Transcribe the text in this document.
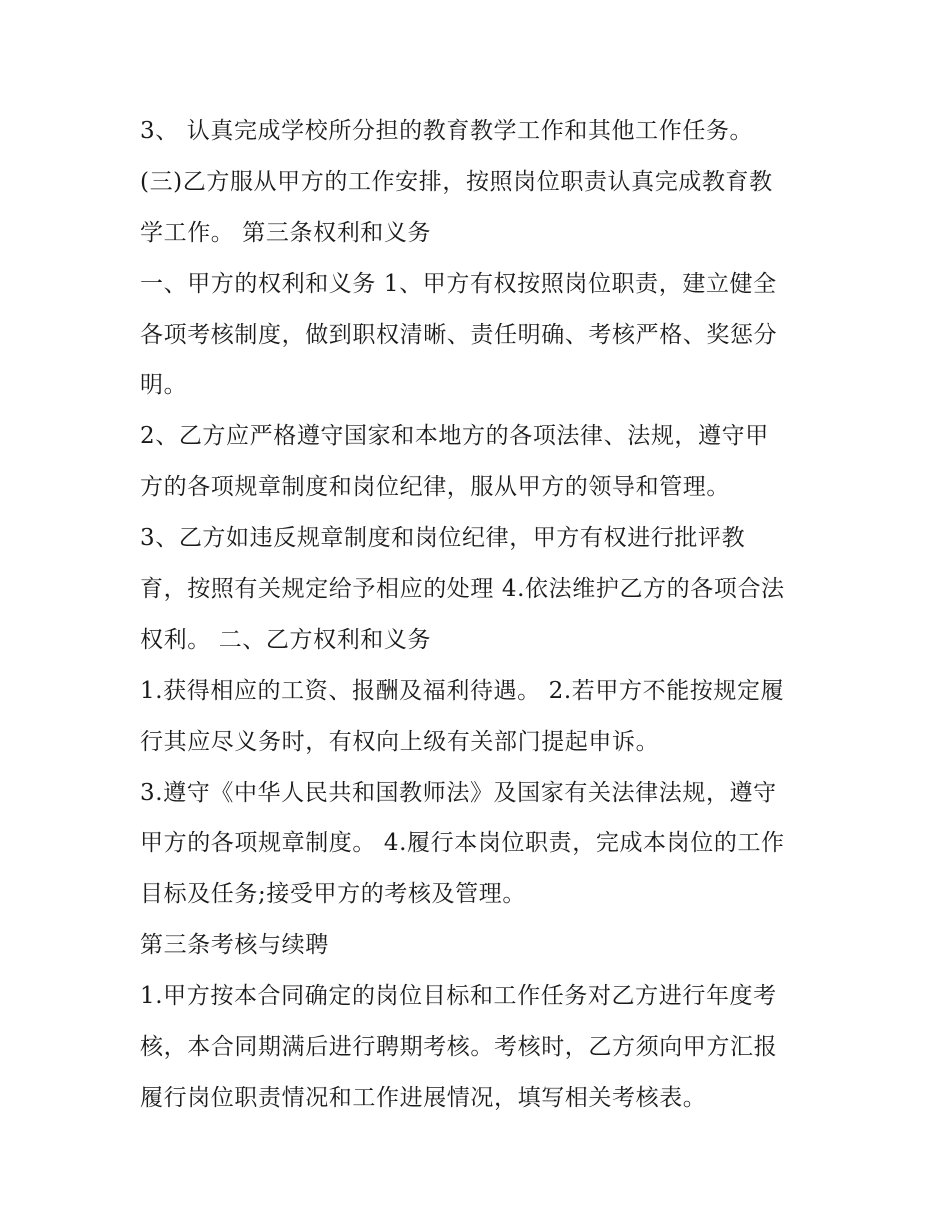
3、 认真完成学校所分担的教育教学工作和其他工作任务。
(三)乙方服从甲方的工作安排，按照岗位职责认真完成教育教
学工作。 第三条权利和义务
一、甲方的权利和义务 1、甲方有权按照岗位职责，建立健全
各项考核制度，做到职权清晰、责任明确、考核严格、奖惩分
明。
2、乙方应严格遵守国家和本地方的各项法律、法规，遵守甲
方的各项规章制度和岗位纪律，服从甲方的领导和管理。
3、乙方如违反规章制度和岗位纪律，甲方有权进行批评教
育，按照有关规定给予相应的处理 4.依法维护乙方的各项合法
权利。 二、乙方权利和义务
1.获得相应的工资、报酬及福利待遇。 2.若甲方不能按规定履
行其应尽义务时，有权向上级有关部门提起申诉。
3.遵守《中华人民共和国教师法》及国家有关法律法规，遵守
甲方的各项规章制度。 4.履行本岗位职责，完成本岗位的工作
目标及任务;接受甲方的考核及管理。
第三条考核与续聘
1.甲方按本合同确定的岗位目标和工作任务对乙方进行年度考
核，本合同期满后进行聘期考核。考核时，乙方须向甲方汇报
履行岗位职责情况和工作进展情况，填写相关考核表。
